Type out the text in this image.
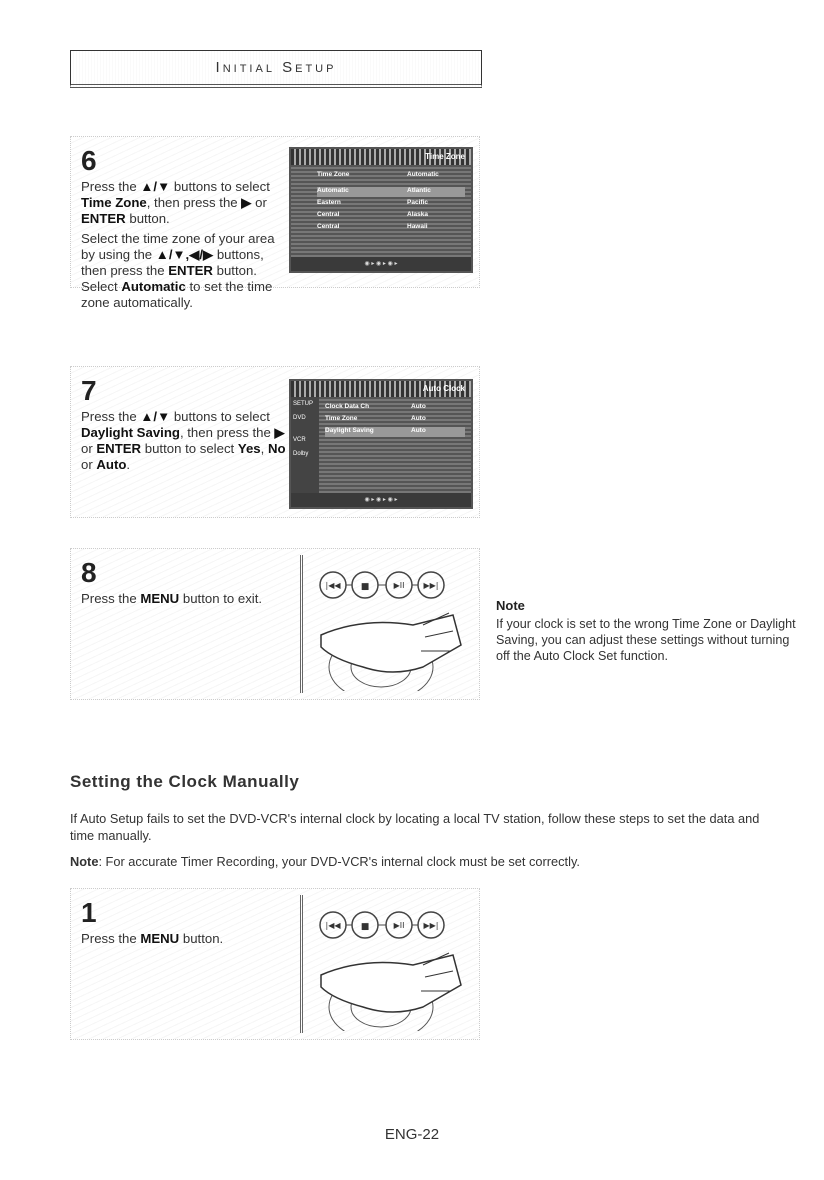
INITIAL SETUP
6

Press the ▲/▼ buttons to select Time Zone, then press the ▶ or ENTER button.

Select the time zone of your area by using the ▲/▼,◀/▶ buttons, then press the ENTER button. Select Automatic to set the time zone automatically.

Time Zone
Time Zone	Automatic
Automatic	Atlantic
Eastern	Pacific
Central	Alaska
Central	Hawaii
◉ ▸ ◉ ▸ ◉ ▸
7

Press the ▲/▼ buttons to select Daylight Saving, then press the ▶ or ENTER button to select Yes, No or Auto.

Auto Clock
SETUP
DVD
VCR
Dolby
Clock Data Ch	Auto
Time Zone	Auto
Daylight Saving	Auto
◉ ▸ ◉ ▸ ◉ ▸
8

Press the MENU button to exit.

|◀◀ ■	▶II ▶▶|
Note
If your clock is set to the wrong Time Zone or Daylight Saving, you can adjust these settings without turning off the Auto Clock Set function.
Setting the Clock Manually
If Auto Setup fails to set the DVD-VCR's internal clock by locating a local TV station, follow these steps to set the data and time manually.
Note: For accurate Timer Recording, your DVD-VCR's internal clock must be set correctly.
1

Press the MENU button.

|◀◀ ■	▶II ▶▶|
ENG-22
